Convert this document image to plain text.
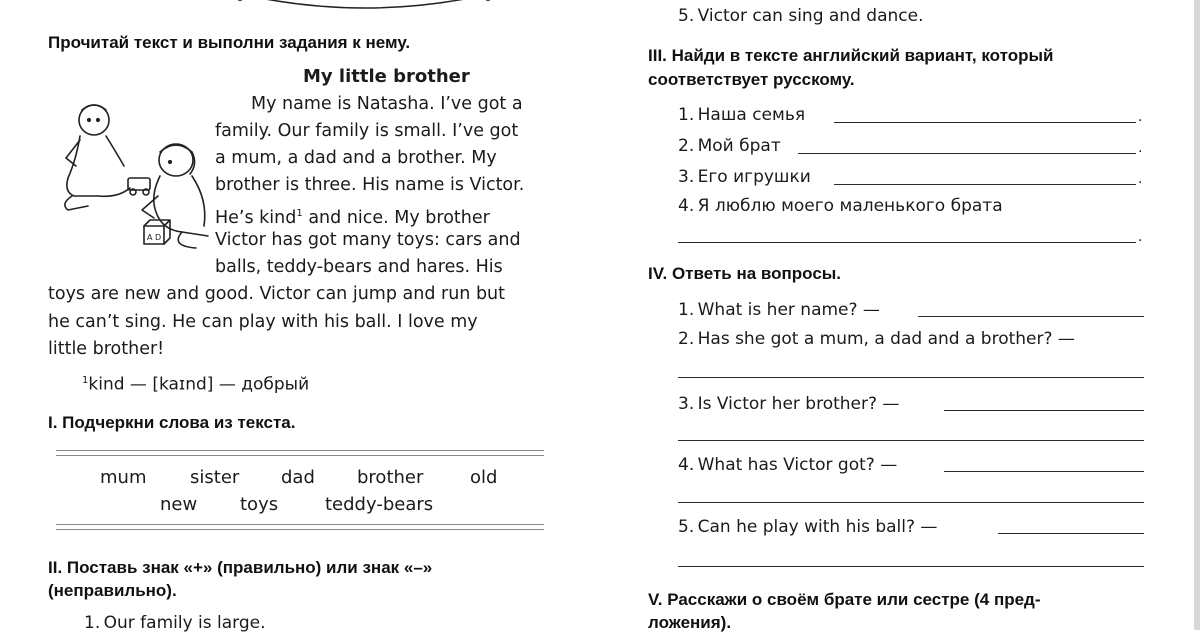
Прочитай текст и выполни задания к нему.
My little brother
A D
My name is Natasha. I’ve got a
family. Our family is small. I’ve got
a mum, a dad and a brother. My
brother is three. His name is Victor.
He’s kind$^1$ and nice. My brother
Victor has got many toys: cars and
balls, teddy-bears and hares. His
toys are new and good. Victor can jump and run but
he can’t sing. He can play with his ball. I love my
little brother!
$^1$kind — [kaɪnd] — добрый
I. Подчеркни слова из текста.
mum sister dad brother	old
new toys	teddy-bears
II. Поставь знак «+» (правильно) или знак «–»
(неправильно).
1. Our family is large.
5. Victor can sing and dance.
III. Найди в тексте английский вариант, который
соответствует русскому.
1. Наша семья	.
2. Мой брат	.
3. Его игрушки	.
4. Я люблю моего маленького брата
.
IV. Ответь на вопросы.
1. What is her name? —
2. Has she got a mum, a dad and a brother? —
3. Is Victor her brother? —
4. What has Victor got? —
5. Can he play with his ball? —
V. Расскажи о своём брате или сестре (4 пред-
ложения).
